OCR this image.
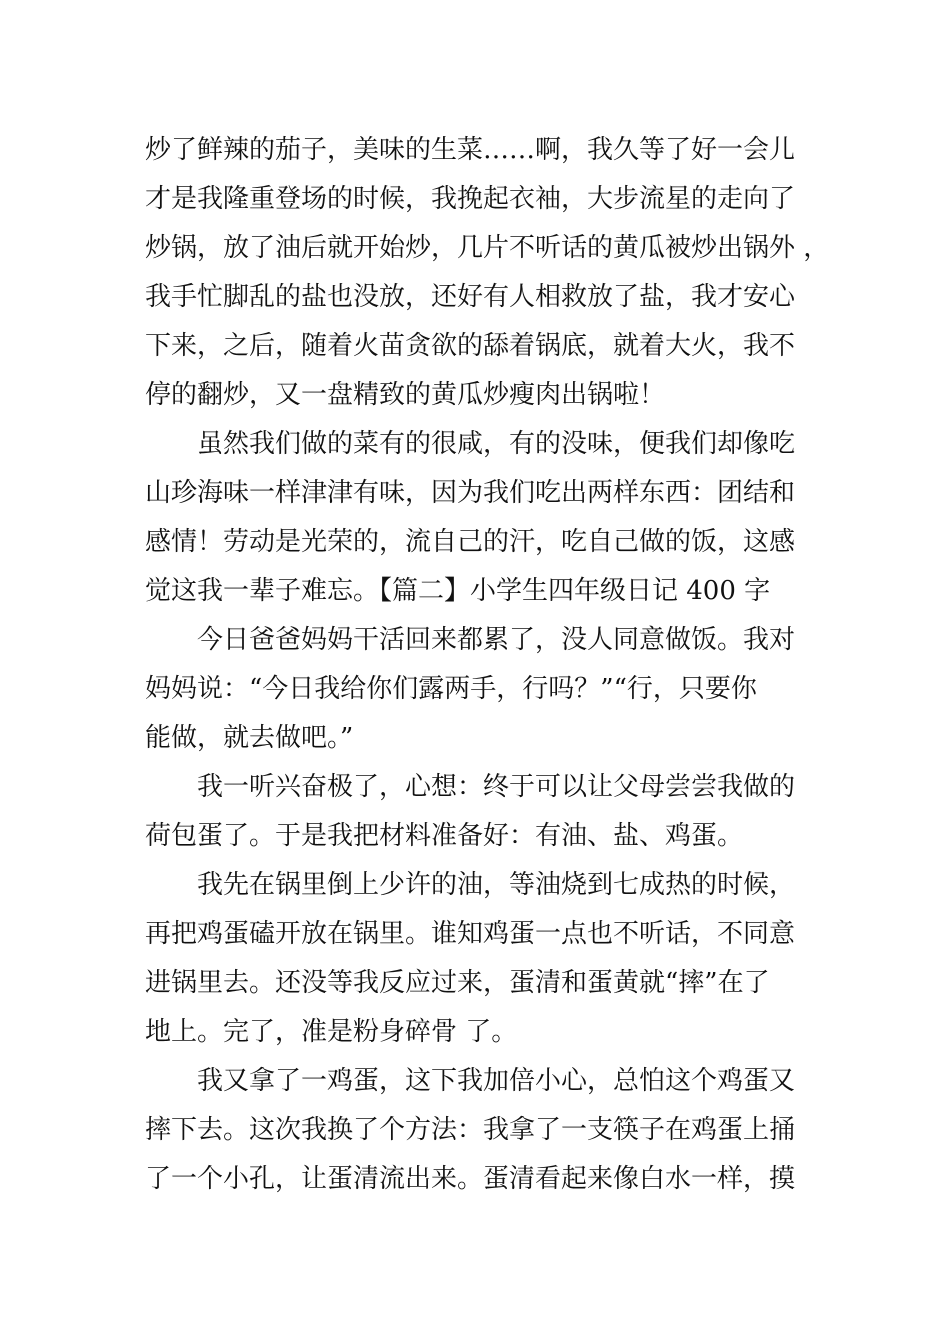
炒了鲜辣的茄子，美味的生菜……啊，我久等了好一会儿
才是我隆重登场的时候，我挽起衣袖，大步流星的走向了
炒锅，放了油后就开始炒，几片不听话的黄瓜被炒出锅外 ，
我手忙脚乱的盐也没放，还好有人相救放了盐，我才安心
下来，之后，随着火苗贪欲的舔着锅底，就着大火，我不
停的翻炒，又一盘精致的黄瓜炒瘦肉出锅啦！
虽然我们做的菜有的很咸，有的没味，便我们却像吃
山珍海味一样津津有味，因为我们吃出两样东西：团结和
感情！劳动是光荣的，流自己的汗，吃自己做的饭，这感
觉这我一辈子难忘。【篇二】小学生四年级日记 400 字
今日爸爸妈妈干活回来都累了，没人同意做饭。我对
妈妈说：“今日我给你们露两手，行吗？”“行，只要你
能做，就去做吧。”
我一听兴奋极了，心想：终于可以让父母尝尝我做的
荷包蛋了。于是我把材料准备好：有油、盐、鸡蛋。
我先在锅里倒上少许的油，等油烧到七成热的时候，
再把鸡蛋磕开放在锅里。谁知鸡蛋一点也不听话，不同意
进锅里去。还没等我反应过来，蛋清和蛋黄就“摔”在了
地上。完了，准是粉身碎骨 了。
我又拿了一鸡蛋，这下我加倍小心，总怕这个鸡蛋又
摔下去。这次我换了个方法：我拿了一支筷子在鸡蛋上捅
了一个小孔，让蛋清流出来。蛋清看起来像白水一样，摸
